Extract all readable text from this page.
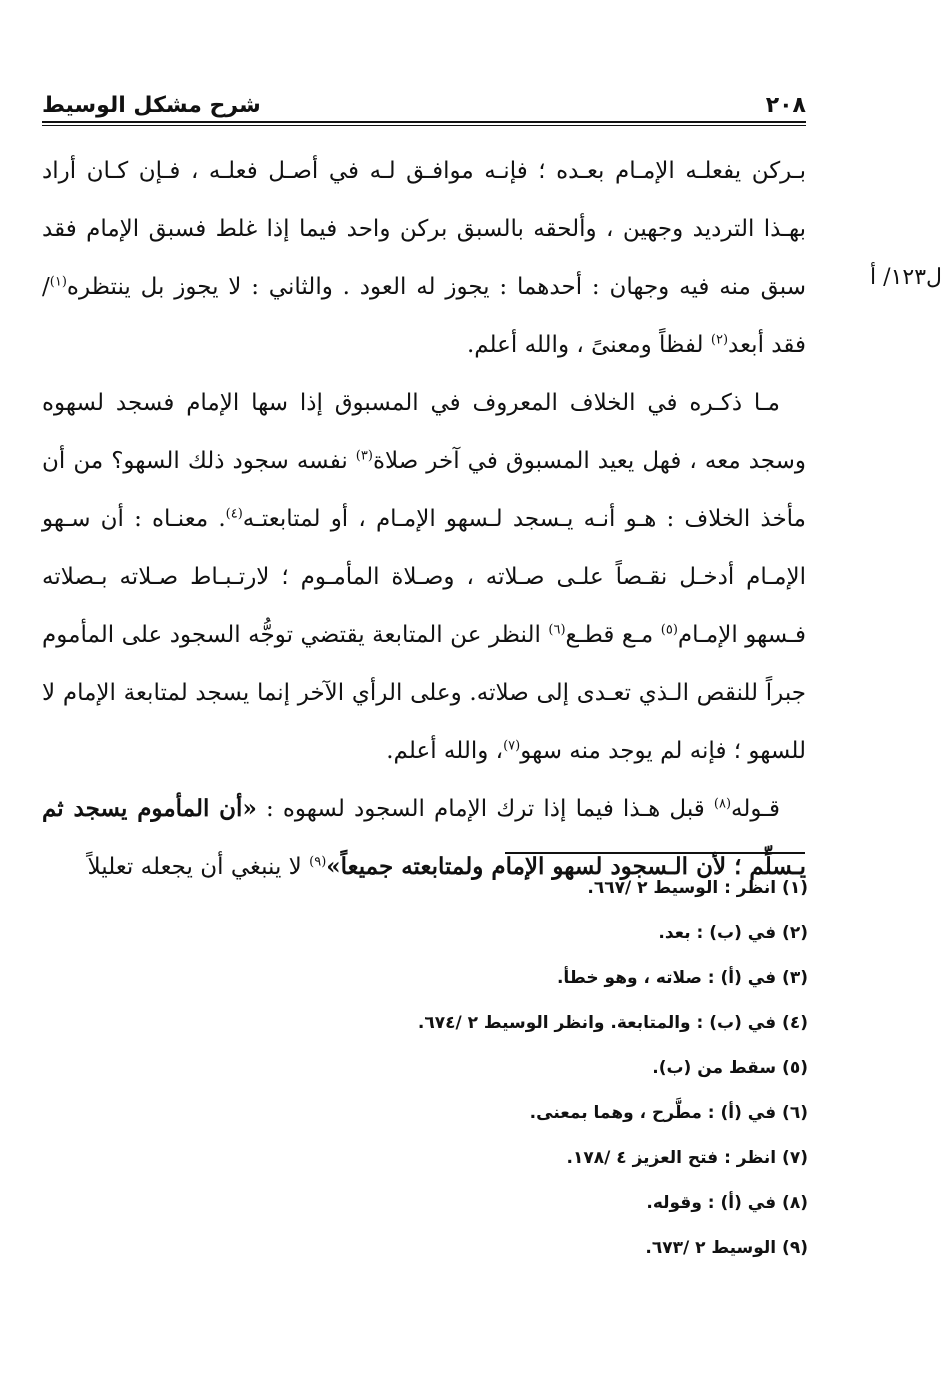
٢٠٨
شرح مشكل الوسيط
ل١٢٣/ أ

بـركن يفعلـه الإمـام بعـده ؛ فإنـه موافـق لـه في أصـل فعلـه ، فـإن كـان أراد بهـذا الترديد وجهين ، وألحقه بالسبق بركن واحد فيما إذا غلط فسبق الإمام فقد سبق منه فيه وجهان : أحدهما : يجوز له العود . والثاني : لا يجوز بل ينتظره$^{(١)}$/ فقد أبعد$^{(٢)}$ لفظاً ومعنىً ، والله أعلم.

مـا ذكـره في الخلاف المعروف في المسبوق إذا سها الإمام فسجد لسهوه وسجد معه ، فهل يعيد المسبوق في آخر صلاة$^{(٣)}$ نفسه سجود ذلك السهو؟ من أن مأخذ الخلاف : هـو أنـه يـسجد لـسهو الإمـام ، أو لمتابعتـه$^{(٤)}$. معنـاه : أن سـهو الإمـام أدخـل نقـصاً علـى صـلاته ، وصـلاة المأمـوم ؛ لارتـبـاط صـلاته بـصلاته فـسهو الإمـام$^{(٥)}$ مـع قطـع$^{(٦)}$ النظر عن المتابعة يقتضي توجُّه السجود على المأموم جبراً للنقص الـذي تعـدى إلى صلاته. وعلى الرأي الآخر إنما يسجد لمتابعة الإمام لا للسهو ؛ فإنه لم يوجد منه سهو$^{(٧)}$، والله أعلم.

قـوله$^{(٨)}$ قبل هـذا فيما إذا ترك الإمام السجود لسهوه : «أن المأموم يسجد ثم يـسلِّم ؛ لأن الـسجود لسهو الإمام ولمتابعته جميعاً»$^{(٩)}$ لا ينبغي أن يجعله تعليلاً

(١) انظر : الوسيط ٢ /٦٦٧.
(٢) في (ب) : بعد.
(٣) في (أ) : صلاته ، وهو خطأ.
(٤) في (ب) : والمتابعة. وانظر الوسيط ٢ /٦٧٤.
(٥) سقط من (ب).
(٦) في (أ) : مطَّرح ، وهما بمعنى.
(٧) انظر : فتح العزيز ٤ /١٧٨.
(٨) في (أ) : وقوله.
(٩) الوسيط ٢ /٦٧٣.
